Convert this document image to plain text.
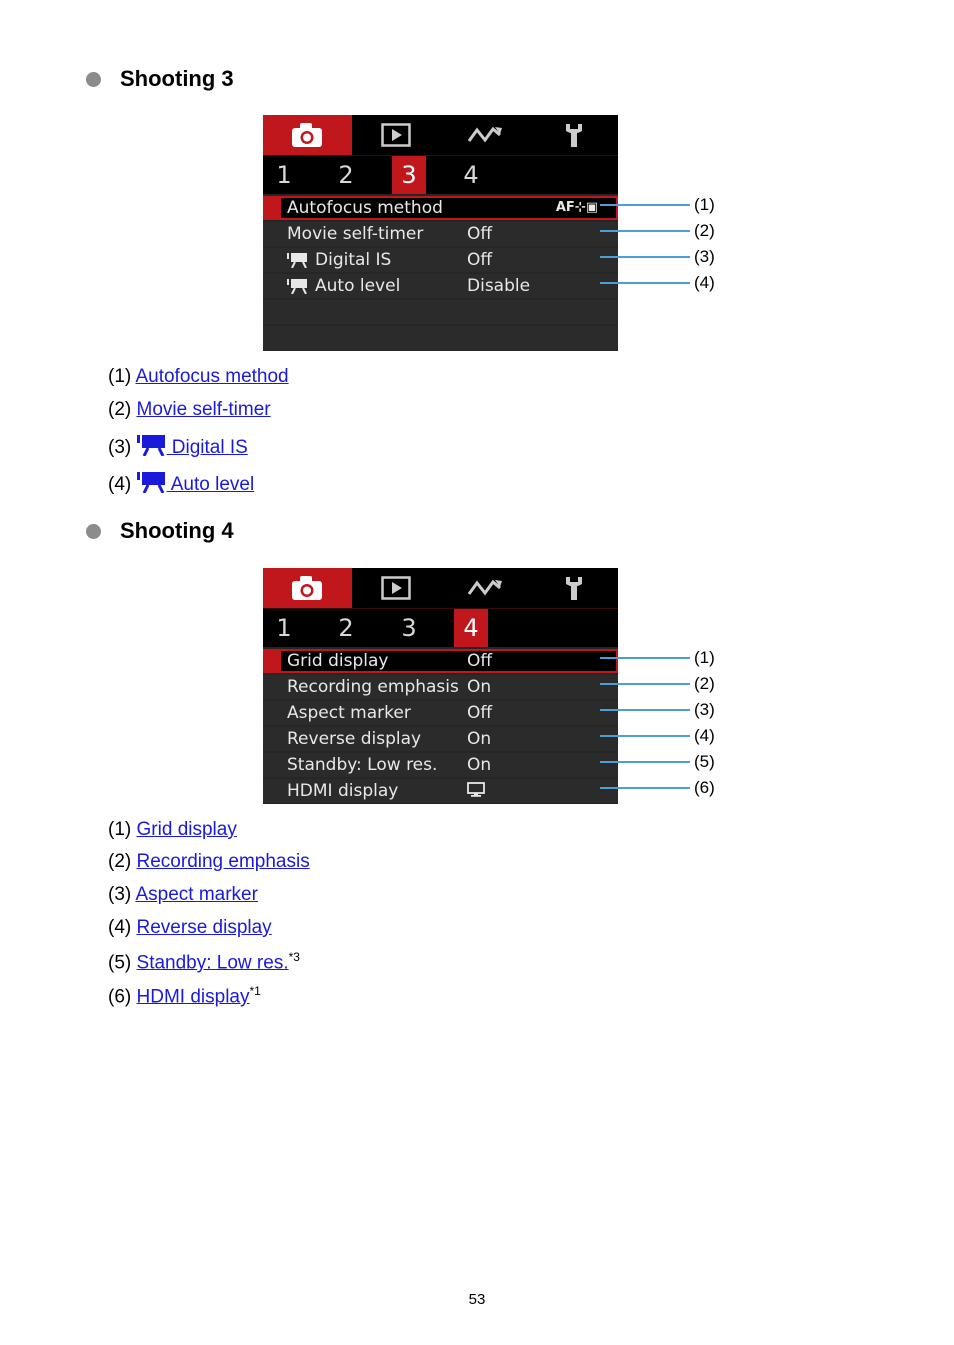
Shooting 3
1	2	3	4
Autofocus method	AF⊹▣
Movie self-timer	Off
Digital IS	Off
Auto level	Disable
(1)
(2)
(3)
(4)
(1) Autofocus method
(2) Movie self-timer
(3)  Digital IS
(4)  Auto level
Shooting 4
1	2	3	4
Grid display	Off
Recording emphasis On
Aspect marker	Off
Reverse display	On
Standby: Low res. On
HDMI display
(1)
(2)
(3)
(4)
(5)
(6)
(1) Grid display
(2) Recording emphasis
(3) Aspect marker
(4) Reverse display
(5) Standby: Low res.$^{*3}$
(6) HDMI display$^{*1}$
53
